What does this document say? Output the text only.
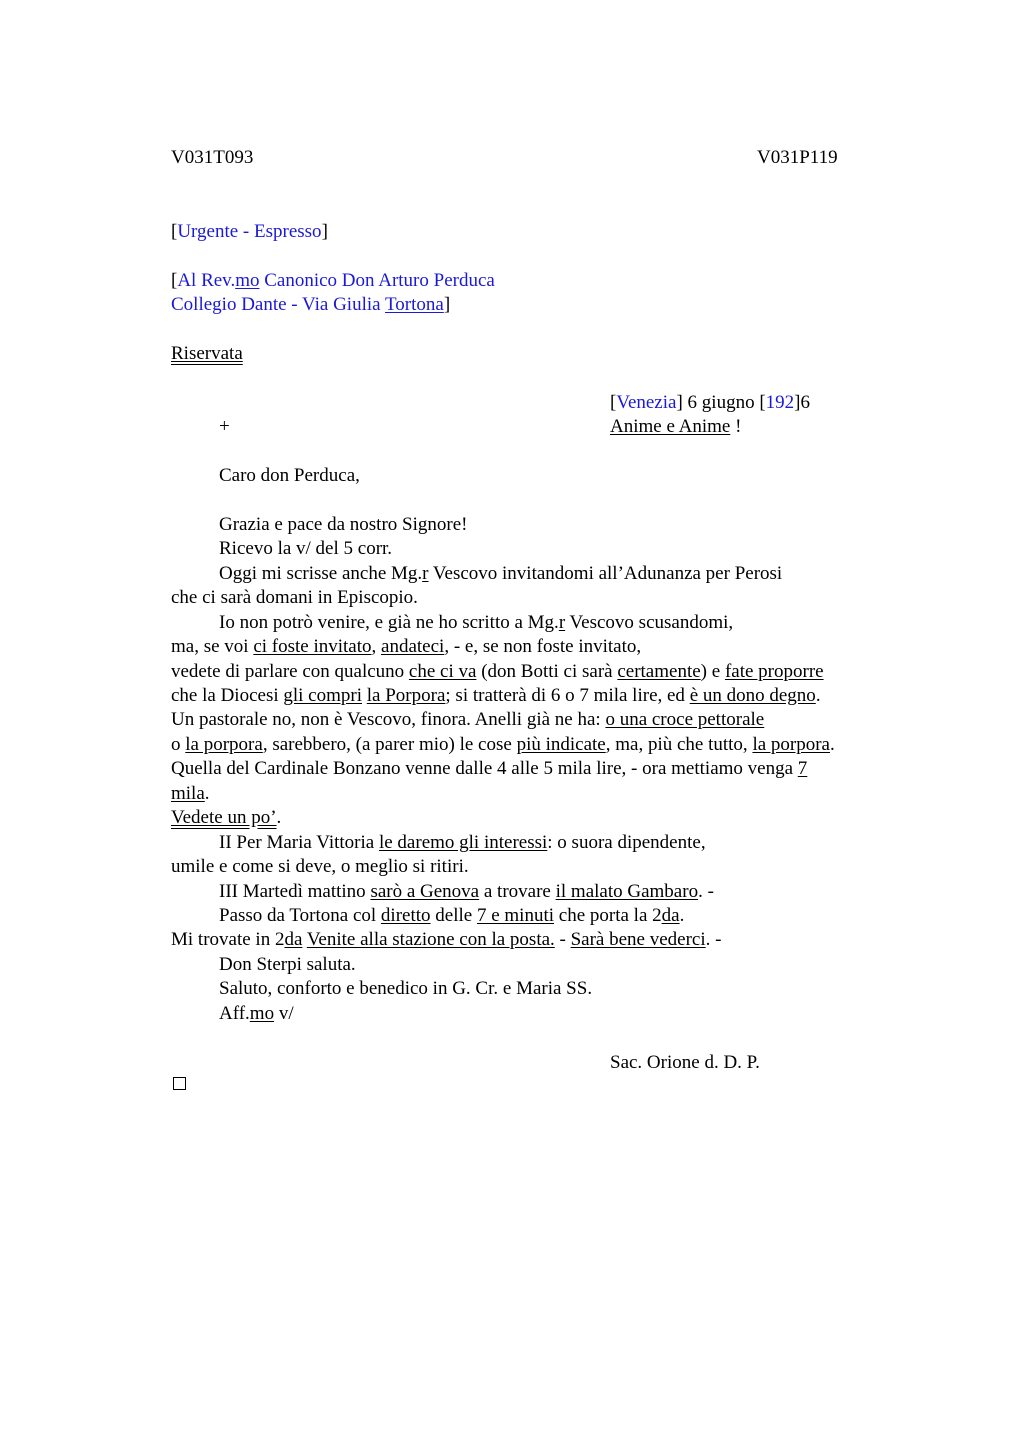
V031T093	V031P119
[Urgente - Espresso]
[Al Rev.mo Canonico Don Arturo Perduca
Collegio Dante - Via Giulia Tortona]
Riservata
[Venezia] 6 giugno [192]6
+	Anime e Anime !
Caro don Perduca,
Grazia e pace da nostro Signore!
Ricevo la v/ del 5 corr.
Oggi mi scrisse anche Mg.r Vescovo invitandomi all’Adunanza per Perosi
che ci sarà domani in Episcopio.
Io non potrò venire, e già ne ho scritto a Mg.r Vescovo scusandomi,
ma, se voi ci foste invitato, andateci, - e, se non foste invitato,
vedete di parlare con qualcuno che ci va (don Botti ci sarà certamente) e fate proporre
che la Diocesi gli compri la Porpora; si tratterà di 6 o 7 mila lire, ed è un dono degno.
Un pastorale no, non è Vescovo, finora. Anelli già ne ha: o una croce pettorale
o la porpora, sarebbero, (a parer mio) le cose più indicate, ma, più che tutto, la porpora.
Quella del Cardinale Bonzano venne dalle 4 alle 5 mila lire, - ora mettiamo venga 7
mila.
Vedete un po’.
II Per Maria Vittoria le daremo gli interessi: o suora dipendente,
umile e come si deve, o meglio si ritiri.
III Martedì mattino sarò a Genova a trovare il malato Gambaro. -
Passo da Tortona col diretto delle 7 e minuti che porta la 2da.
Mi trovate in 2da Venite alla stazione con la posta. - Sarà bene vederci. -
Don Sterpi saluta.
Saluto, conforto e benedico in G. Cr. e Maria SS.
Aff.mo v/
Sac. Orione d. D. P.
